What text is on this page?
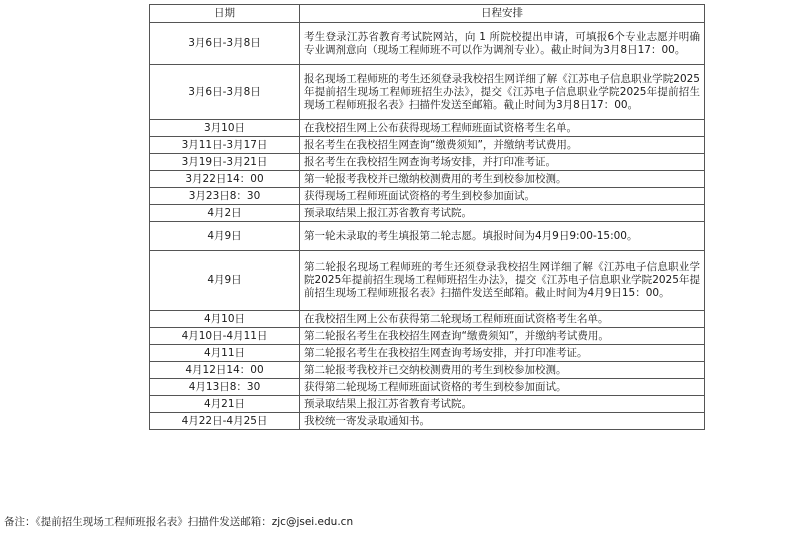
日期	日程安排
3月6日-3月8日	考生登录江苏省教育考试院网站，向 1 所院校提出申请，可填报6个专业志愿并明确专业调剂意向（现场工程师班不可以作为调剂专业）。截止时间为3月8日17：00。
3月6日-3月8日	报名现场工程师班的考生还须登录我校招生网详细了解《江苏电子信息职业学院2025年提前招生现场工程师班招生办法》，提交《江苏电子信息职业学院2025年提前招生现场工程师班报名表》扫描件发送至邮箱。截止时间为3月8日17：00。
3月10日	在我校招生网上公布获得现场工程师班面试资格考生名单。
3月11日-3月17日	报名考生在我校招生网查询“缴费须知”，并缴纳考试费用。
3月19日-3月21日	报名考生在我校招生网查询考场安排，并打印准考证。
3月22日14：00	第一轮报考我校并已缴纳校测费用的考生到校参加校测。
3月23日8：30	获得现场工程师班面试资格的考生到校参加面试。
4月2日	预录取结果上报江苏省教育考试院。
4月9日	第一轮未录取的考生填报第二轮志愿。填报时间为4月9日9:00-15:00。
4月9日	第二轮报名现场工程师班的考生还须登录我校招生网详细了解《江苏电子信息职业学院2025年提前招生现场工程师班招生办法》，提交《江苏电子信息职业学院2025年提前招生现场工程师班报名表》扫描件发送至邮箱。截止时间为4月9日15：00。
4月10日	在我校招生网上公布获得第二轮现场工程师班面试资格考生名单。
4月10日-4月11日	第二轮报名考生在我校招生网查询“缴费须知”，并缴纳考试费用。
4月11日	第二轮报名考生在我校招生网查询考场安排，并打印准考证。
4月12日14：00	第二轮报考我校并已交纳校测费用的考生到校参加校测。
4月13日8：30	获得第二轮现场工程师班面试资格的考生到校参加面试。
4月21日	预录取结果上报江苏省教育考试院。
4月22日-4月25日	我校统一寄发录取通知书。
备注：《提前招生现场工程师班报名表》扫描件发送邮箱：zjc@jsei.edu.cn
